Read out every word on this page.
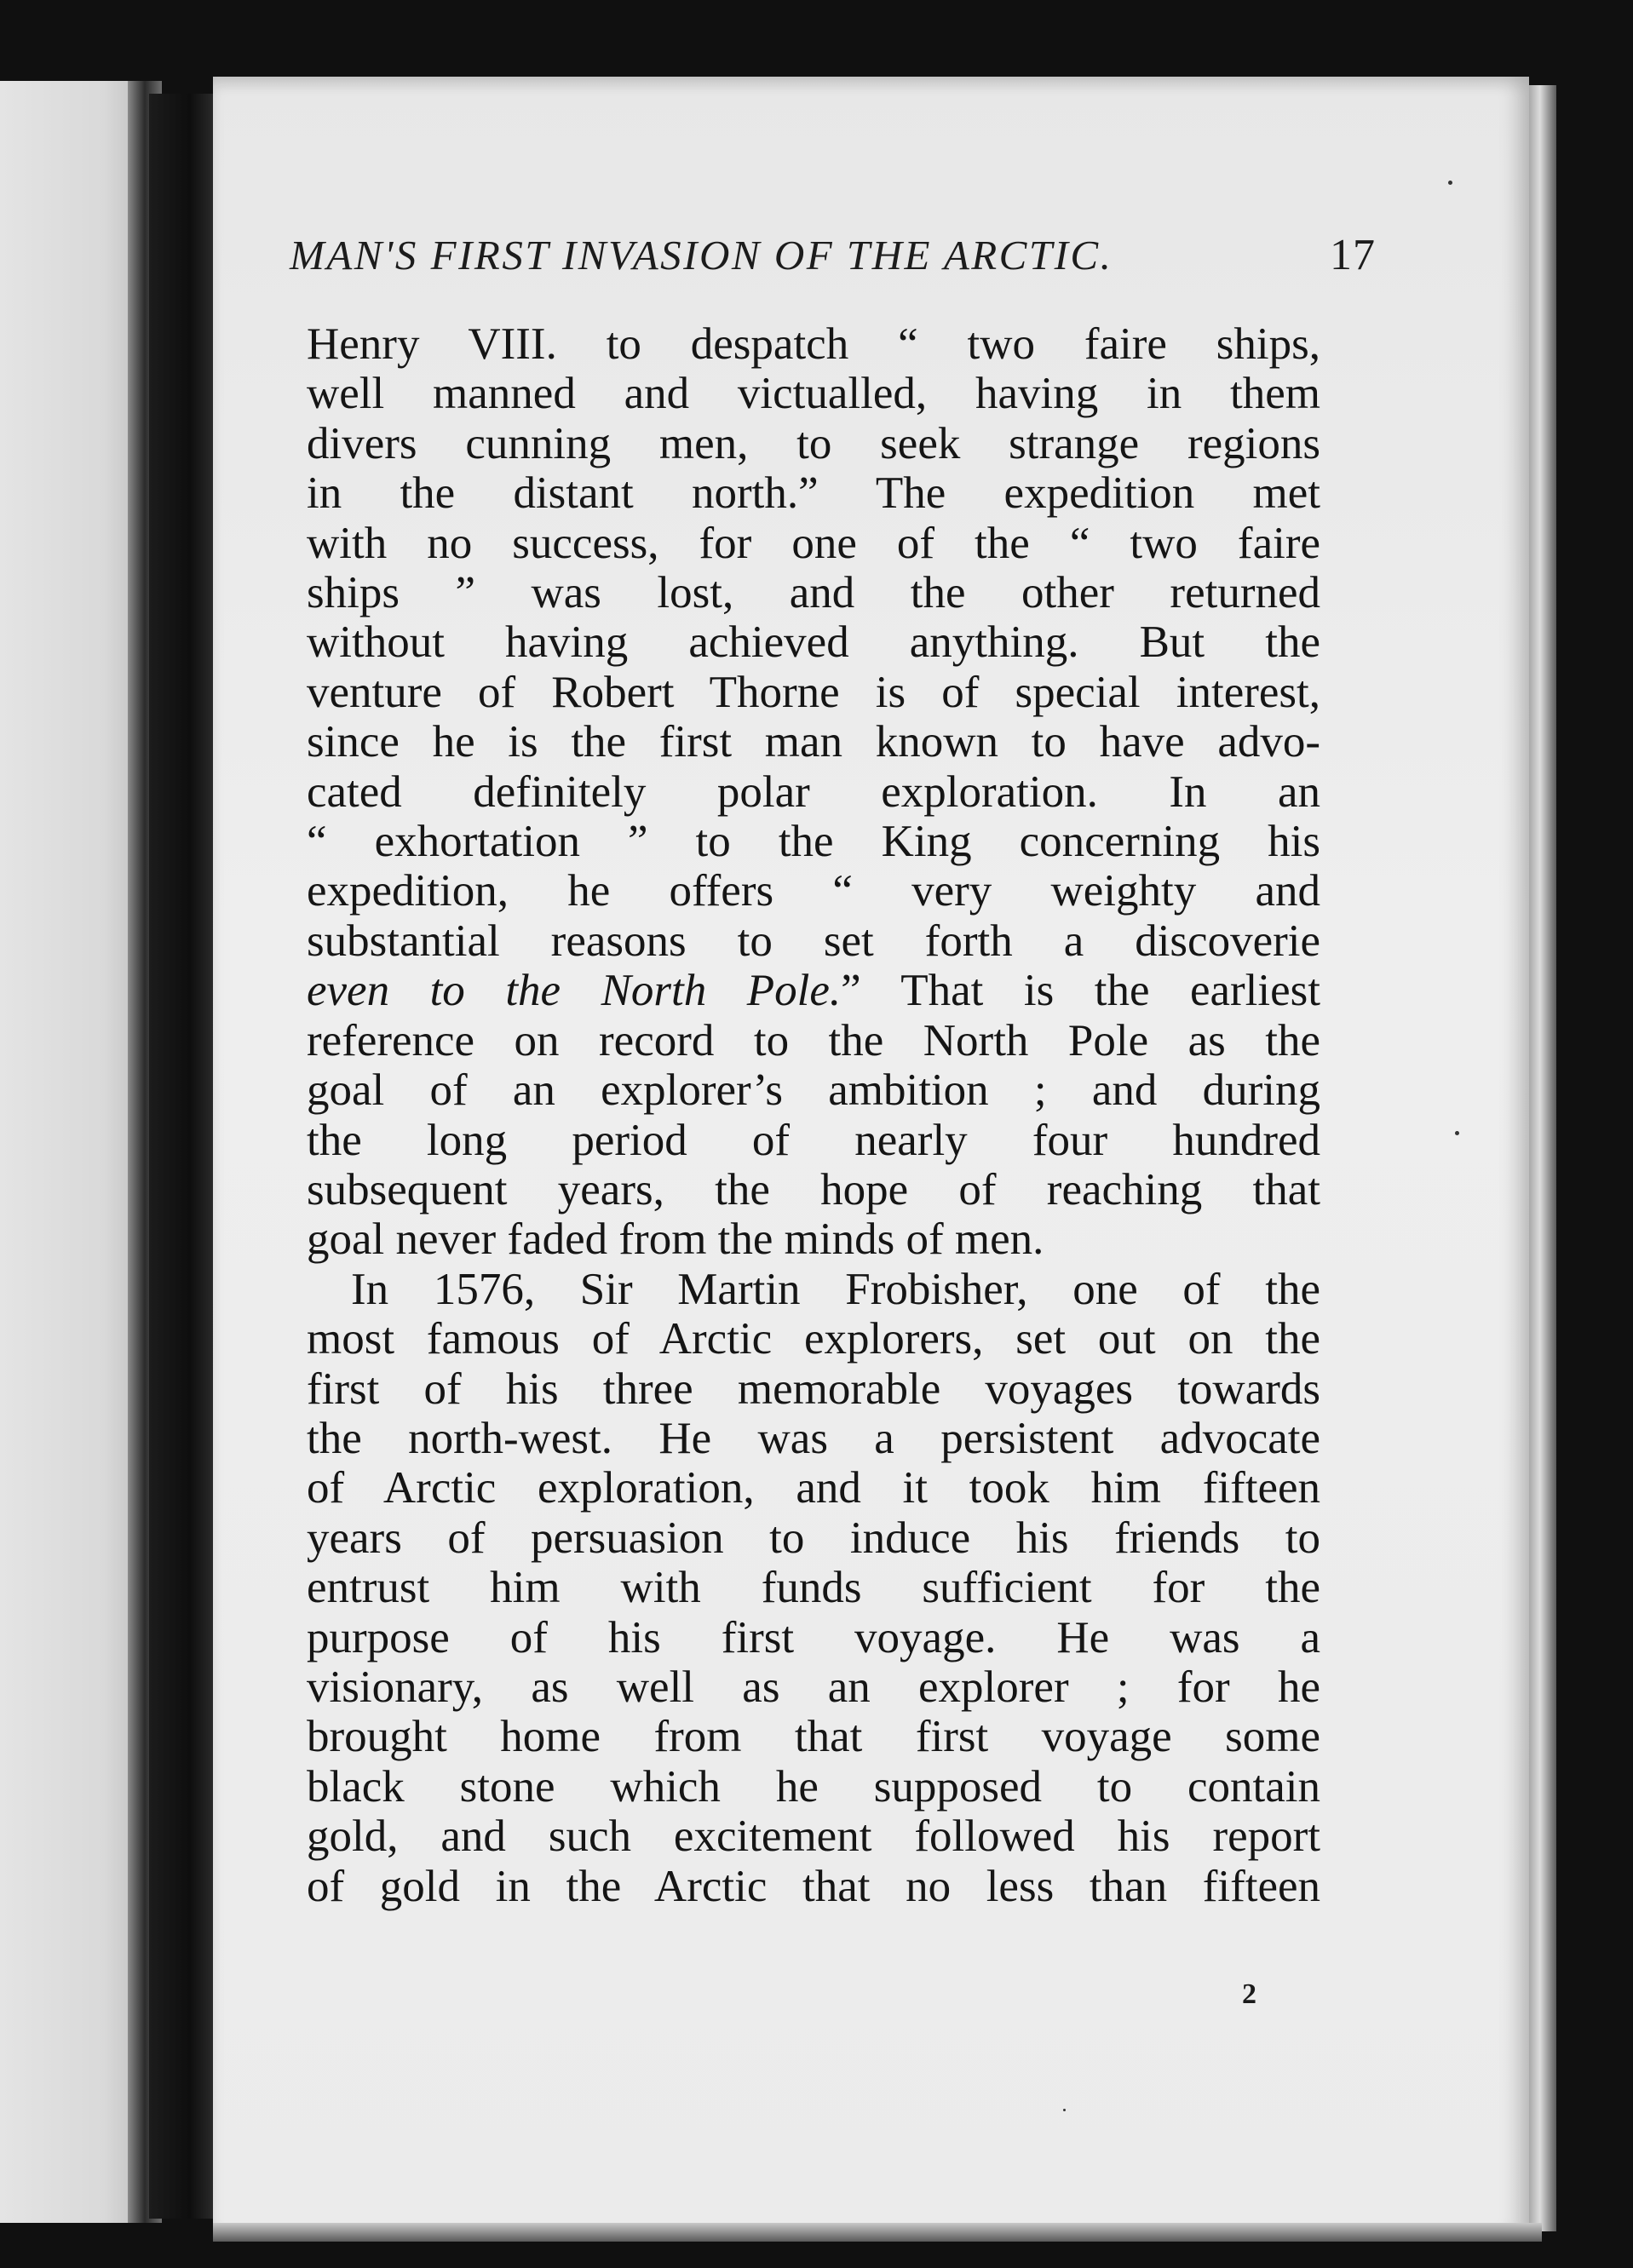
MAN'S FIRST INVASION OF THE ARCTIC.	17
Henry VIII. to despatch “ two faire ships,
well manned and victualled, having in them
divers cunning men, to seek strange regions
in the distant north.” The expedition met
with no success, for one of the “ two faire
ships ” was lost, and the other returned
without having achieved anything. But the
venture of Robert Thorne is of special interest,
since he is the first man known to have advo-
cated definitely polar exploration. In an
“ exhortation ” to the King concerning his
expedition, he offers “ very weighty and
substantial reasons to set forth a discoverie
even to the North Pole.” That is the earliest
reference on record to the North Pole as the
goal of an explorer’s ambition ; and during
the long period of nearly four hundred
subsequent years, the hope of reaching that
goal never faded from the minds of men.
In 1576, Sir Martin Frobisher, one of the
most famous of Arctic explorers, set out on the
first of his three memorable voyages towards
the north-west. He was a persistent advocate
of Arctic exploration, and it took him fifteen
years of persuasion to induce his friends to
entrust him with funds sufficient for the
purpose of his first voyage. He was a
visionary, as well as an explorer ; for he
brought home from that first voyage some
black stone which he supposed to contain
gold, and such excitement followed his report
of gold in the Arctic that no less than fifteen
2
